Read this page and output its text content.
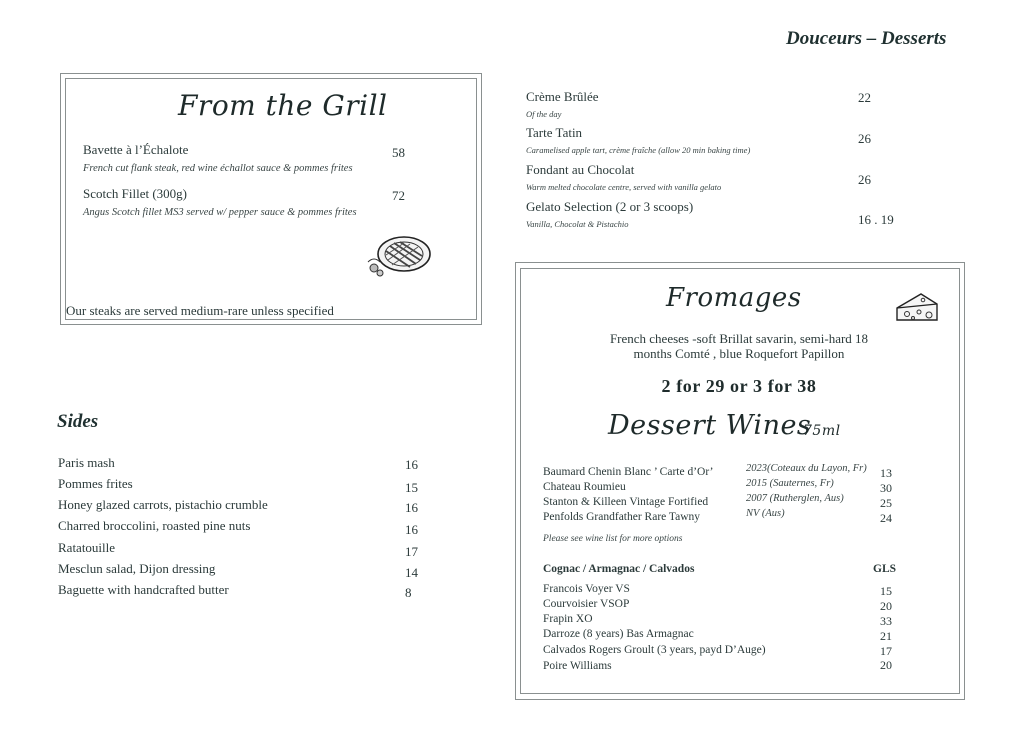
Douceurs – Desserts
From the Grill
Bavette à l’Échalote
French cut flank steak, red wine échallot sauce & pommes frites
58
Scotch Fillet (300g)
Angus Scotch fillet MS3 served w/ pepper sauce & pommes frites
72
Our steaks are served medium-rare unless specified
Crème Brûlée
Of the day
22
Tarte Tatin
Caramelised apple tart, crème fraîche (allow 20 min baking time)
26
Fondant au Chocolat
Warm melted chocolate centre, served with vanilla gelato	26
Gelato Selection (2 or 3 scoops)
Vanilla, Chocolat & Pistachio	16 . 19
Sides
Paris mash	16
Pommes frites	15
Honey glazed carrots, pistachio crumble	16
Charred broccolini, roasted pine nuts	16
Ratatouille	17
Mesclun salad, Dijon dressing	14
Baguette with handcrafted butter	8
Fromages
French cheeses -soft Brillat savarin, semi-hard 18
months Comté , blue Roquefort Papillon
2 for 29 or 3 for 38
Dessert Wines
75ml
Baumard Chenin Blanc ’ Carte d’Or’	2023(Coteaux du Layon, Fr) 13
Chateau Roumieu	2015 (Sauternes, Fr)	30
Stanton & Killeen Vintage Fortified	2007 (Rutherglen, Aus)	25
Penfolds Grandfather Rare Tawny	NV (Aus)	24
Please see wine list for more options
Cognac / Armagnac / Calvados	GLS
Francois Voyer VS	15
Courvoisier VSOP	20
Frapin XO	33
Darroze (8 years) Bas Armagnac	21
Calvados Rogers Groult (3 years, payd D’Auge)	17
Poire Williams	20
